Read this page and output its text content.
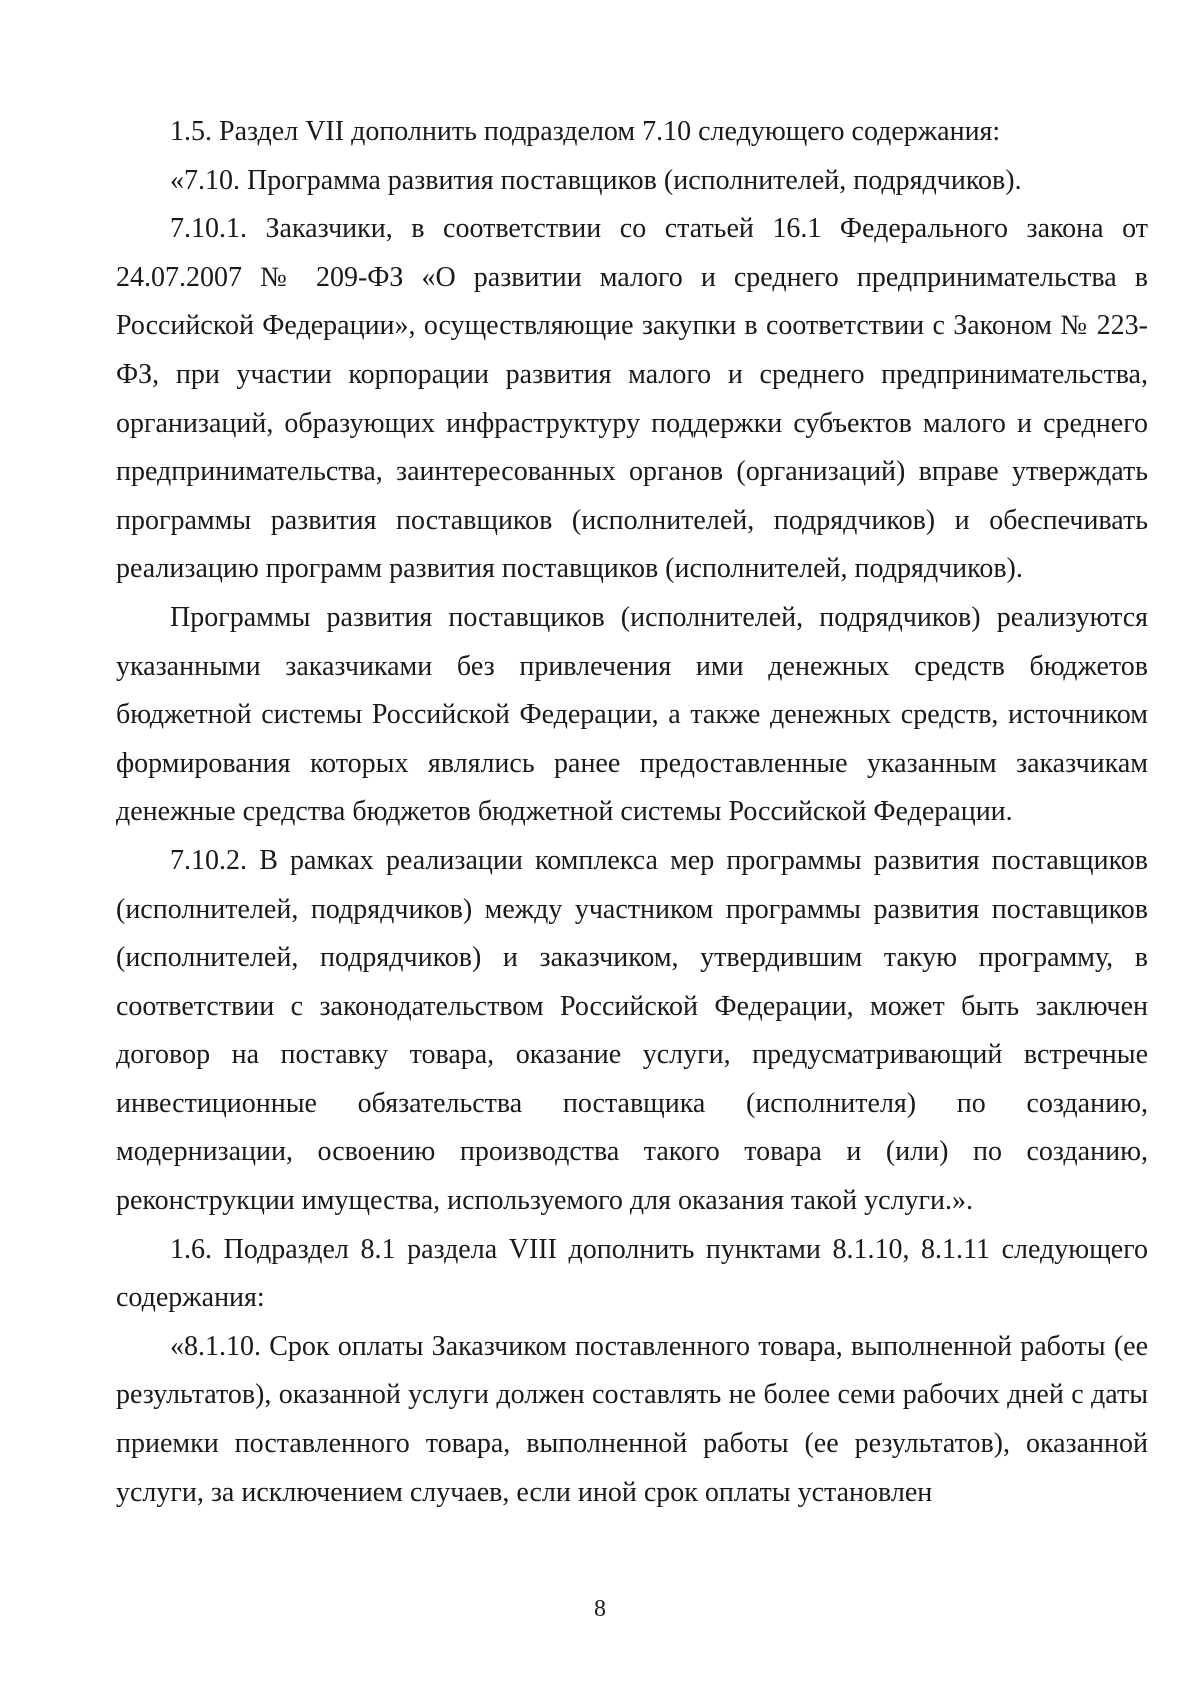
1.5. Раздел VII дополнить подразделом 7.10 следующего содержания:

«7.10. Программа развития поставщиков (исполнителей, подрядчиков).

7.10.1. Заказчики, в соответствии со статьей 16.1 Федерального закона от 24.07.2007 № 209-ФЗ «О развитии малого и среднего предпринимательства в Российской Федерации», осуществляющие закупки в соответствии с Законом № 223-ФЗ, при участии корпорации развития малого и среднего предпринимательства, организаций, образующих инфраструктуру поддержки субъектов малого и среднего предпринимательства, заинтересованных органов (организаций) вправе утверждать программы развития поставщиков (исполнителей, подрядчиков) и обеспечивать реализацию программ развития поставщиков (исполнителей, подрядчиков).

Программы развития поставщиков (исполнителей, подрядчиков) реализуются указанными заказчиками без привлечения ими денежных средств бюджетов бюджетной системы Российской Федерации, а также денежных средств, источником формирования которых являлись ранее предоставленные указанным заказчикам денежные средства бюджетов бюджетной системы Российской Федерации.

7.10.2. В рамках реализации комплекса мер программы развития поставщиков (исполнителей, подрядчиков) между участником программы развития поставщиков (исполнителей, подрядчиков) и заказчиком, утвердившим такую программу, в соответствии с законодательством Российской Федерации, может быть заключен договор на поставку товара, оказание услуги, предусматривающий встречные инвестиционные обязательства поставщика (исполнителя) по созданию, модернизации, освоению производства такого товара и (или) по созданию, реконструкции имущества, используемого для оказания такой услуги.».

1.6. Подраздел 8.1 раздела VIII дополнить пунктами 8.1.10, 8.1.11 следующего содержания:

«8.1.10. Срок оплаты Заказчиком поставленного товара, выполненной работы (ее результатов), оказанной услуги должен составлять не более семи рабочих дней с даты приемки поставленного товара, выполненной работы (ее результатов), оказанной услуги, за исключением случаев, если иной срок оплаты установлен

8
